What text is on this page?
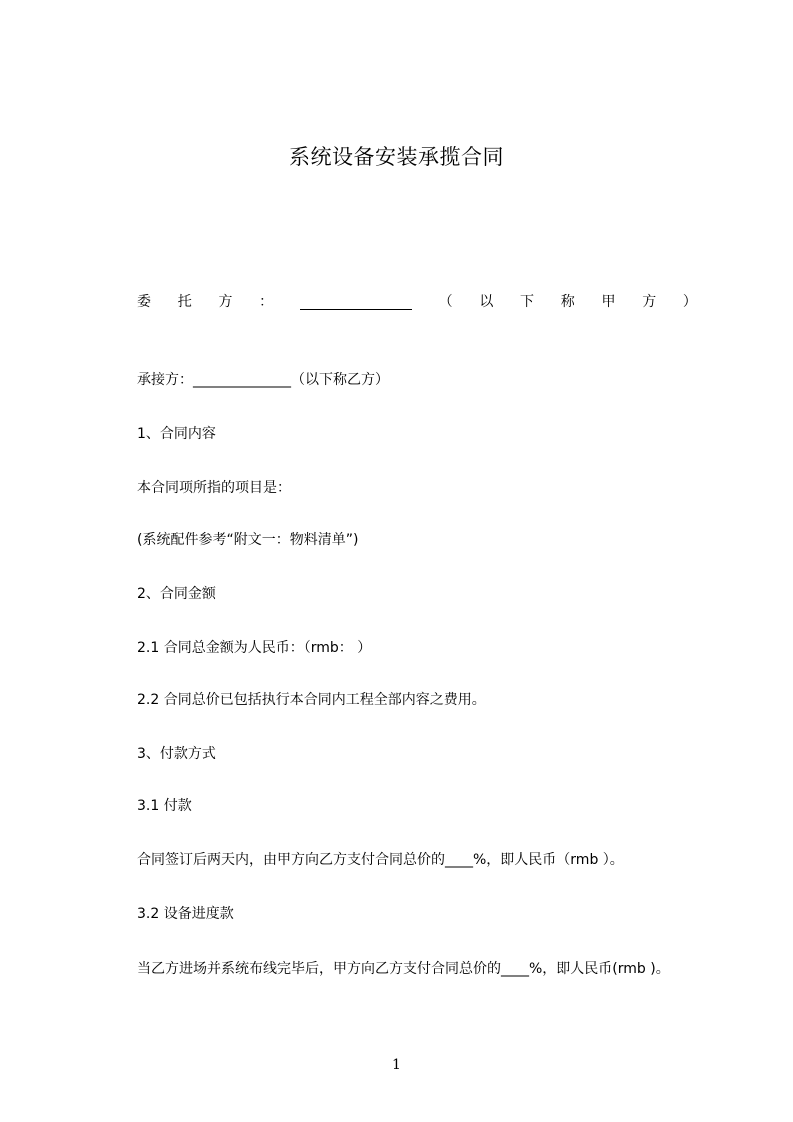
系统设备安装承揽合同
委 托 方 ：	（ 以 下 称 甲 方 ）
承接方：______________（以下称乙方）
1、合同内容
本合同项所指的项目是：
(系统配件参考“附文一：物料清单”)
2、合同金额
2.1 合同总金额为人民币：（rmb： ）
2.2 合同总价已包括执行本合同内工程全部内容之费用。
3、付款方式
3.1 付款
合同签订后两天内，由甲方向乙方支付合同总价的____%，即人民币（rmb ）。
3.2 设备进度款
当乙方进场并系统布线完毕后，甲方向乙方支付合同总价的____%，即人民币(rmb )。
1
